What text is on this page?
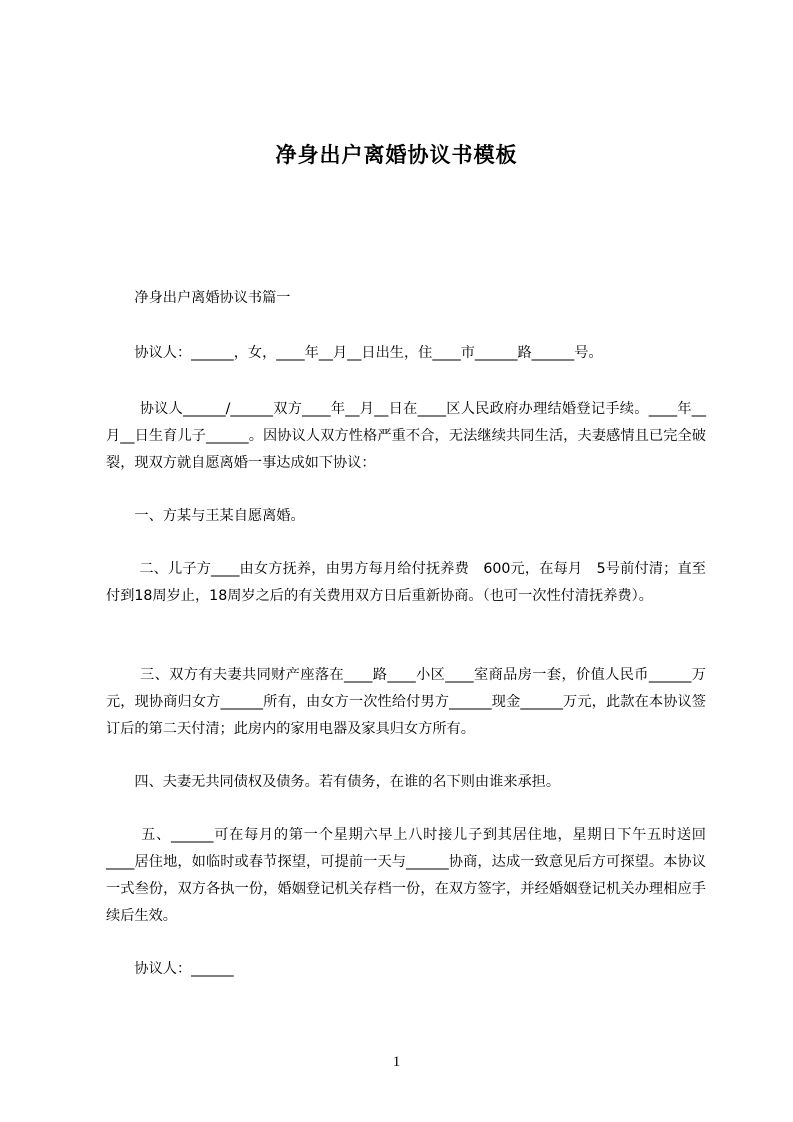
净身出户离婚协议书模板
　　净身出户离婚协议书篇一
　　协议人：______，女，____年__月__日出生，住____市______路______号。
　　 协议人______/______双方____年__月__日在____区人民政府办理结婚登记手续。____年__月__日生育儿子______。因协议人双方性格严重不合，无法继续共同生活，夫妻感情且已完全破裂，现双方就自愿离婚一事达成如下协议：
　　一、方某与王某自愿离婚。
　　 二、儿子方____由女方抚养，由男方每月给付抚养费　600元，在每月　5号前付清；直至付到18周岁止，18周岁之后的有关费用双方日后重新协商。（也可一次性付清抚养费）。
　　 三、双方有夫妻共同财产座落在____路____小区____室商品房一套，价值人民币______万元，现协商归女方______所有，由女方一次性给付男方______现金______万元，此款在本协议签订后的第二天付清；此房内的家用电器及家具归女方所有。
　　四、夫妻无共同债权及债务。若有债务，在谁的名下则由谁来承担。
　　 五、______可在每月的第一个星期六早上八时接儿子到其居住地，星期日下午五时送回____居住地，如临时或春节探望，可提前一天与______协商，达成一致意见后方可探望。本协议一式叁份，双方各执一份，婚姻登记机关存档一份，在双方签字，并经婚姻登记机关办理相应手续后生效。
　　协议人：______
1
